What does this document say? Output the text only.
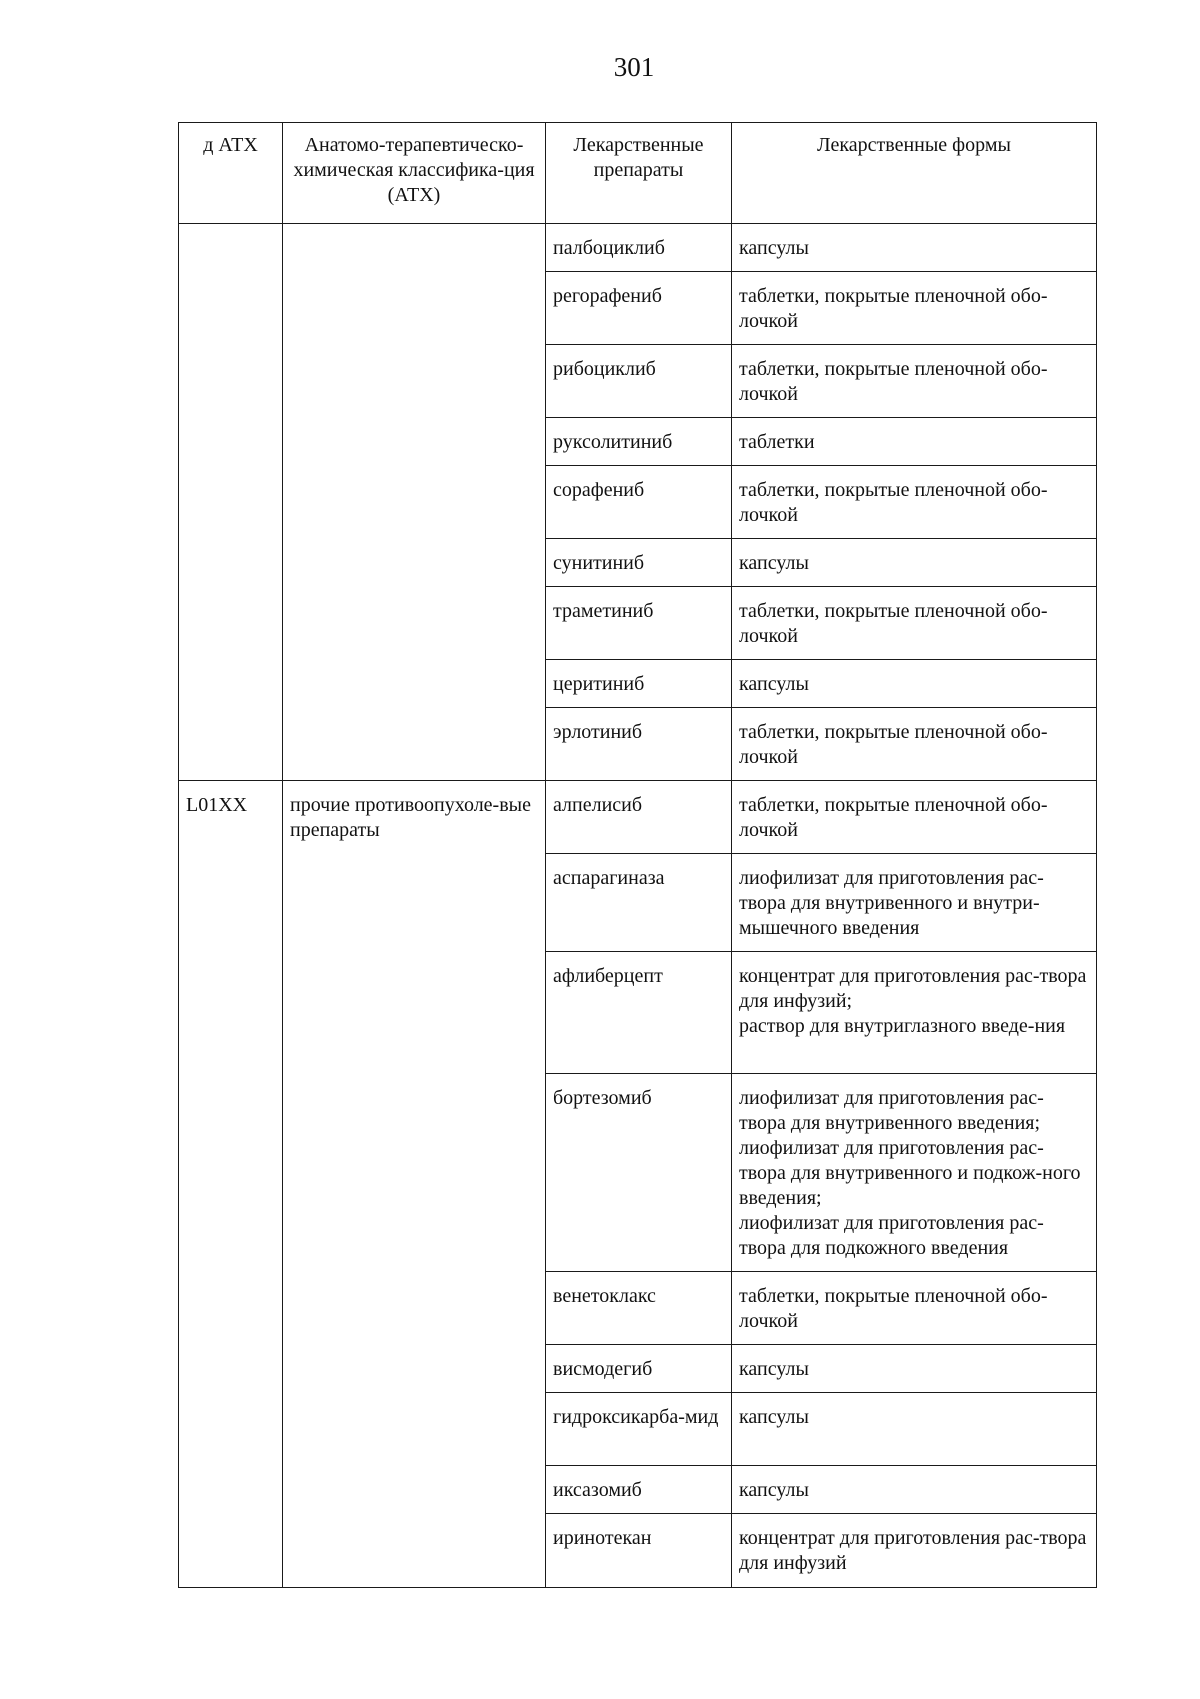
301
д АТХ	Анатомо-терапевтическо-химическая классифика-ция (АТХ)	Лекарственные препараты	Лекарственные формы
		палбоциклиб	капсулы
		регорафениб	таблетки, покрытые пленочной обо-лочкой
		рибоциклиб	таблетки, покрытые пленочной обо-лочкой
		руксолитиниб	таблетки
		сорафениб	таблетки, покрытые пленочной обо-лочкой
		сунитиниб	капсулы
		траметиниб	таблетки, покрытые пленочной обо-лочкой
		церитиниб	капсулы
		эрлотиниб	таблетки, покрытые пленочной обо-лочкой
L01XX	прочие противоопухоле-вые препараты	алпелисиб	таблетки, покрытые пленочной обо-лочкой
		аспарагиназа	лиофилизат для приготовления рас-твора для внутривенного и внутри-мышечного введения
		афлиберцепт	концентрат для приготовления рас-твора для инфузий;
раствор для внутриглазного введе-ния
		бортезомиб	лиофилизат для приготовления рас-твора для внутривенного введения;
лиофилизат для приготовления рас-твора для внутривенного и подкож-ного введения;
лиофилизат для приготовления рас-твора для подкожного введения
		венетоклакс	таблетки, покрытые пленочной обо-лочкой
		висмодегиб	капсулы
		гидроксикарба-мид	капсулы
		иксазомиб	капсулы
		иринотекан	концентрат для приготовления рас-твора для инфузий
